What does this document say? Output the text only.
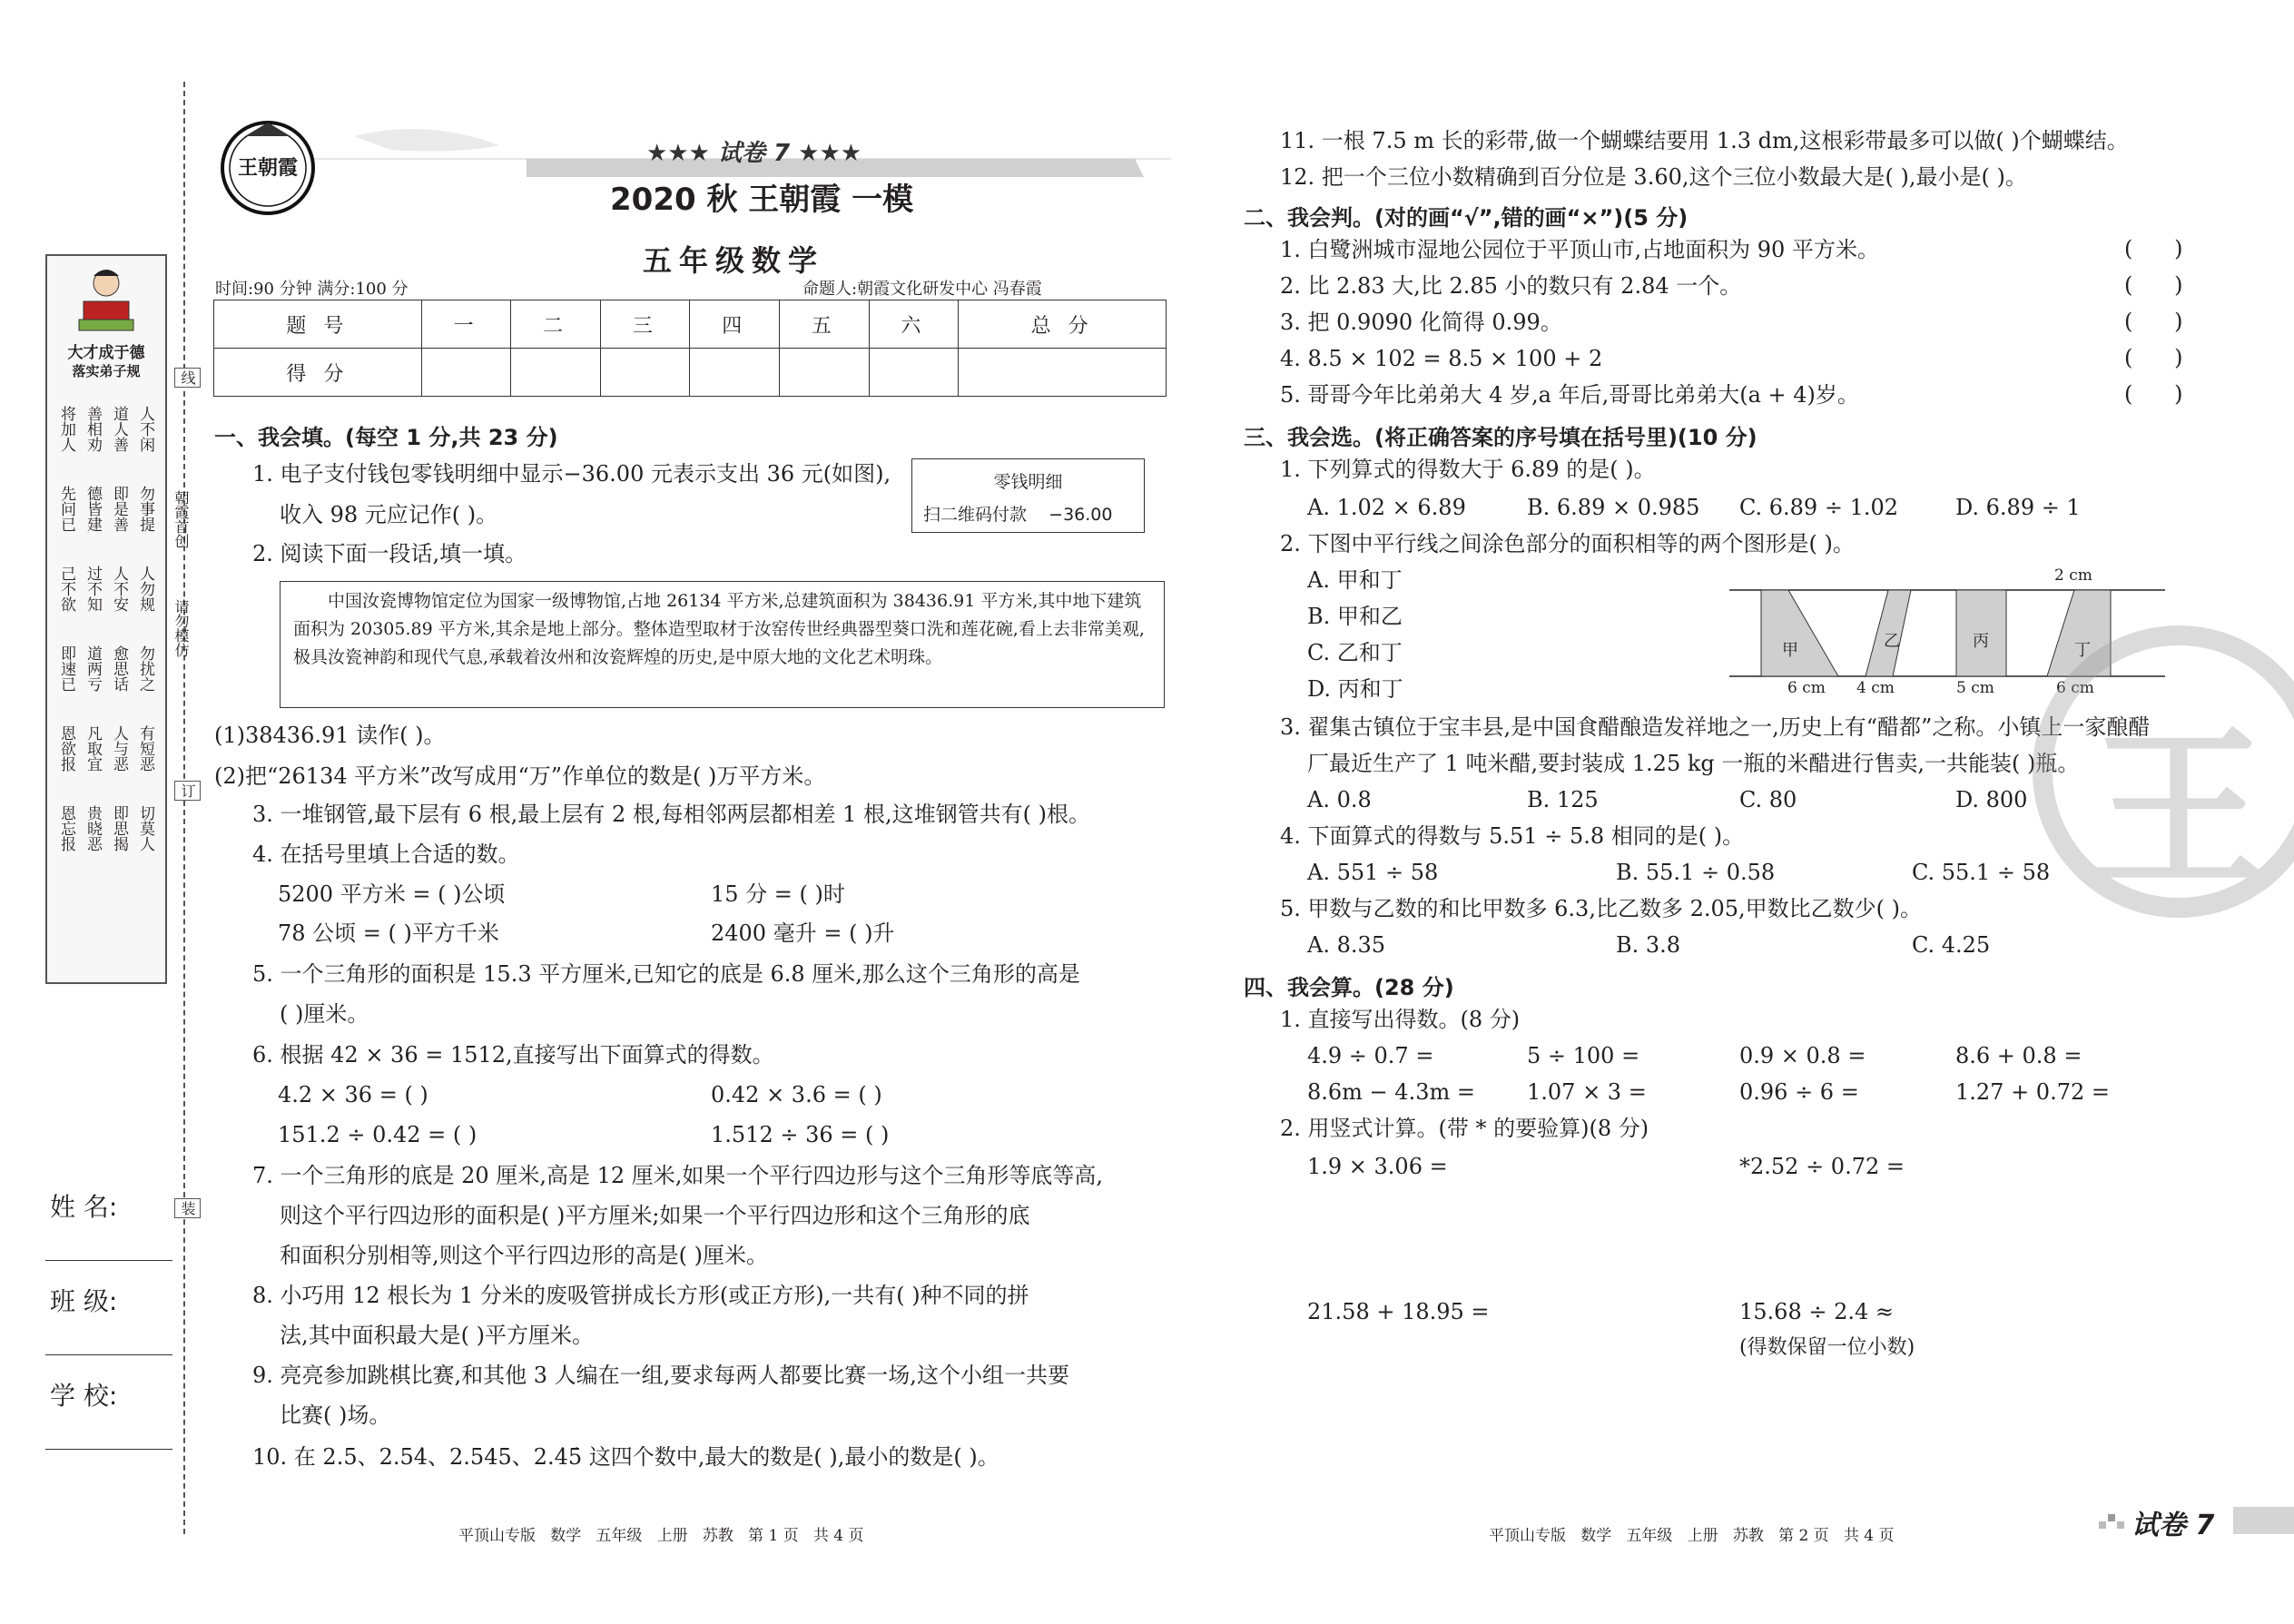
大才成于德
落实弟子规
将加人 善相劝 道人善 人不闲
先问已 德皆建 即是善 勿事提
己不欲 过不知 人不安 人勿规
即速已 道两亏 愈思话 勿扰之
恩欲报 凡取宜 人与恶 有短恶
恩忘报 贵晓恶 即思揭 切莫人
线
朝霞首创
请勿模仿
订
装
姓 名:
班 级:
学 校:
王朝霞
★★★ 试卷 7 ★★★
2020 秋 王朝霞 一模
五年级数学
时间:90 分钟 满分:100 分	命题人:朝霞文化研发中心 冯春霞
题 号	一	二	三	四	五	六	总 分
得 分							
一、我会填。(每空 1 分,共 23 分)
1. 电子支付钱包零钱明细中显示−36.00 元表示支出 36 元(如图),
收入 98 元应记作( )。
零钱明细
扫二维码付款    −36.00
2. 阅读下面一段话,填一填。
中国汝瓷博物馆定位为国家一级博物馆,占地 26134 平方米,总建筑面积为 38436.91 平方米,其中地下建筑面积为 20305.89 平方米,其余是地上部分。整体造型取材于汝窑传世经典器型葵口洗和莲花碗,看上去非常美观,极具汝瓷神韵和现代气息,承载着汝州和汝瓷辉煌的历史,是中原大地的文化艺术明珠。
(1)38436.91 读作( )。
(2)把“26134 平方米”改写成用“万”作单位的数是( )万平方米。
3. 一堆钢管,最下层有 6 根,最上层有 2 根,每相邻两层都相差 1 根,这堆钢管共有( )根。
4. 在括号里填上合适的数。
5200 平方米 = ( )公顷	15 分 = ( )时
78 公顷 = ( )平方千米	2400 毫升 = ( )升
5. 一个三角形的面积是 15.3 平方厘米,已知它的底是 6.8 厘米,那么这个三角形的高是
( )厘米。
6. 根据 42 × 36 = 1512,直接写出下面算式的得数。
4.2 × 36 = ( )	0.42 × 3.6 = ( )
151.2 ÷ 0.42 = ( )	1.512 ÷ 36 = ( )
7. 一个三角形的底是 20 厘米,高是 12 厘米,如果一个平行四边形与这个三角形等底等高,
则这个平行四边形的面积是( )平方厘米;如果一个平行四边形和这个三角形的底
和面积分别相等,则这个平行四边形的高是( )厘米。
8. 小巧用 12 根长为 1 分米的废吸管拼成长方形(或正方形),一共有( )种不同的拼
法,其中面积最大是( )平方厘米。
9. 亮亮参加跳棋比赛,和其他 3 人编在一组,要求每两人都要比赛一场,这个小组一共要
比赛( )场。
10. 在 2.5、2.54̇、2.545、2.4̇5̇ 这四个数中,最大的数是( ),最小的数是( )。
平顶山专版   数学   五年级   上册   苏教   第 1 页   共 4 页
11. 一根 7.5 m 长的彩带,做一个蝴蝶结要用 1.3 dm,这根彩带最多可以做( )个蝴蝶结。
12. 把一个三位小数精确到百分位是 3.60,这个三位小数最大是( ),最小是( )。
二、我会判。(对的画“√”,错的画“×”)(5 分)
1. 白鹭洲城市湿地公园位于平顶山市,占地面积为 90 平方米。
2. 比 2.83 大,比 2.85 小的数只有 2.84 一个。
3. 把 0.9090 化简得 0.99。
4. 8.5 × 102 = 8.5 × 100 + 2
5. 哥哥今年比弟弟大 4 岁,a 年后,哥哥比弟弟大(a + 4)岁。
(      )
(      )
(      )
(      )
(      )
三、我会选。(将正确答案的序号填在括号里)(10 分)
1. 下列算式的得数大于 6.89 的是( )。
A. 1.02 × 6.89	B. 6.89 × 0.985 C. 6.89 ÷ 1.02	D. 6.89 ÷ 1
2. 下图中平行线之间涂色部分的面积相等的两个图形是( )。
A. 甲和丁
B. 甲和乙
C. 乙和丁
D. 丙和丁
甲	乙	丙	丁
2 cm
6 cm 4 cm	5 cm	6 cm
3. 翟集古镇位于宝丰县,是中国食醋酿造发祥地之一,历史上有“醋都”之称。小镇上一家酿醋
厂最近生产了 1 吨米醋,要封装成 1.25 kg 一瓶的米醋进行售卖,一共能装( )瓶。
A. 0.8	B. 125	C. 80	D. 800
4. 下面算式的得数与 5.51 ÷ 5.8 相同的是( )。
A. 551 ÷ 58	B. 55.1 ÷ 0.58	C. 55.1 ÷ 58
5. 甲数与乙数的和比甲数多 6.3,比乙数多 2.05,甲数比乙数少( )。
A. 8.35	B. 3.8	C. 4.25
四、我会算。(28 分)
1. 直接写出得数。(8 分)
4.9 ÷ 0.7 =	5 ÷ 100 =	0.9 × 0.8 =	8.6 + 0.8 =
8.6m − 4.3m = 1.07 × 3 =	0.96 ÷ 6 =	1.27 + 0.72 =
2. 用竖式计算。(带 * 的要验算)(8 分)
1.9 × 3.06 =	*2.52 ÷ 0.72 =
21.58 + 18.95 =	15.68 ÷ 2.4 ≈
(得数保留一位小数)
王
平顶山专版   数学   五年级   上册   苏教   第 2 页   共 4 页	试卷 7
